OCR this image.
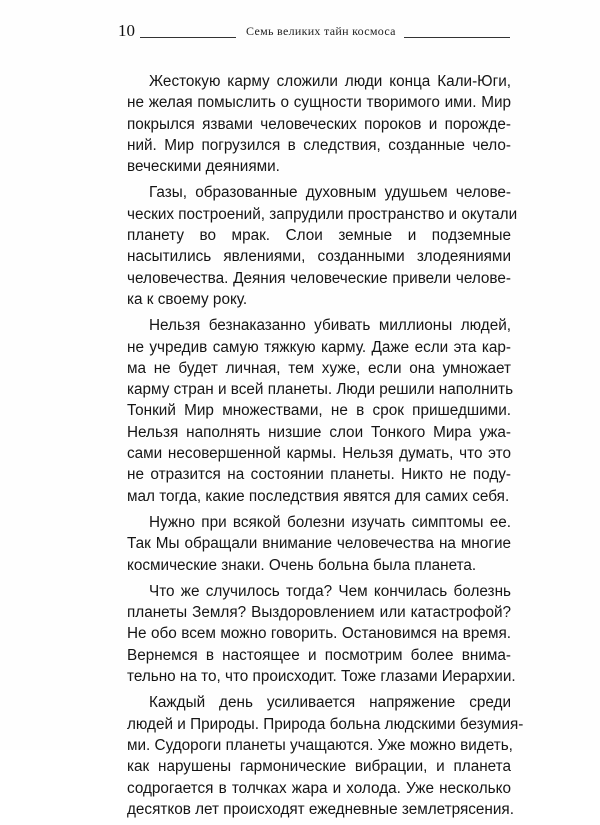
10	Семь великих тайн космоса
Жестокую карму сложили люди конца Кали-Юги,
не желая помыслить о сущности творимого ими. Мир
покрылся язвами человеческих пороков и порожде-
ний. Мир погрузился в следствия, созданные чело-
веческими деяниями.
Газы, образованные духовным удушьем челове-
ческих построений, запрудили пространство и окутали
планету во мрак. Слои земные и подземные
насытились явлениями, созданными злодеяниями
человечества. Деяния человеческие привели челове-
ка к своему року.
Нельзя безнаказанно убивать миллионы людей,
не учредив самую тяжкую карму. Даже если эта кар-
ма не будет личная, тем хуже, если она умножает
карму стран и всей планеты. Люди решили наполнить
Тонкий Мир множествами, не в срок пришедшими.
Нельзя наполнять низшие слои Тонкого Мира ужа-
сами несовершенной кармы. Нельзя думать, что это
не отразится на состоянии планеты. Никто не поду-
мал тогда, какие последствия явятся для самих себя.
Нужно при всякой болезни изучать симптомы ее.
Так Мы обращали внимание человечества на многие
космические знаки. Очень больна была планета.
Что же случилось тогда? Чем кончилась болезнь
планеты Земля? Выздоровлением или катастрофой?
Не обо всем можно говорить. Остановимся на время.
Вернемся в настоящее и посмотрим более внима-
тельно на то, что происходит. Тоже глазами Иерархии.
Каждый день усиливается напряжение среди
людей и Природы. Природа больна людскими безумия-
ми. Судороги планеты учащаются. Уже можно видеть,
как нарушены гармонические вибрации, и планета
содрогается в толчках жара и холода. Уже несколько
десятков лет происходят ежедневные землетрясения.
